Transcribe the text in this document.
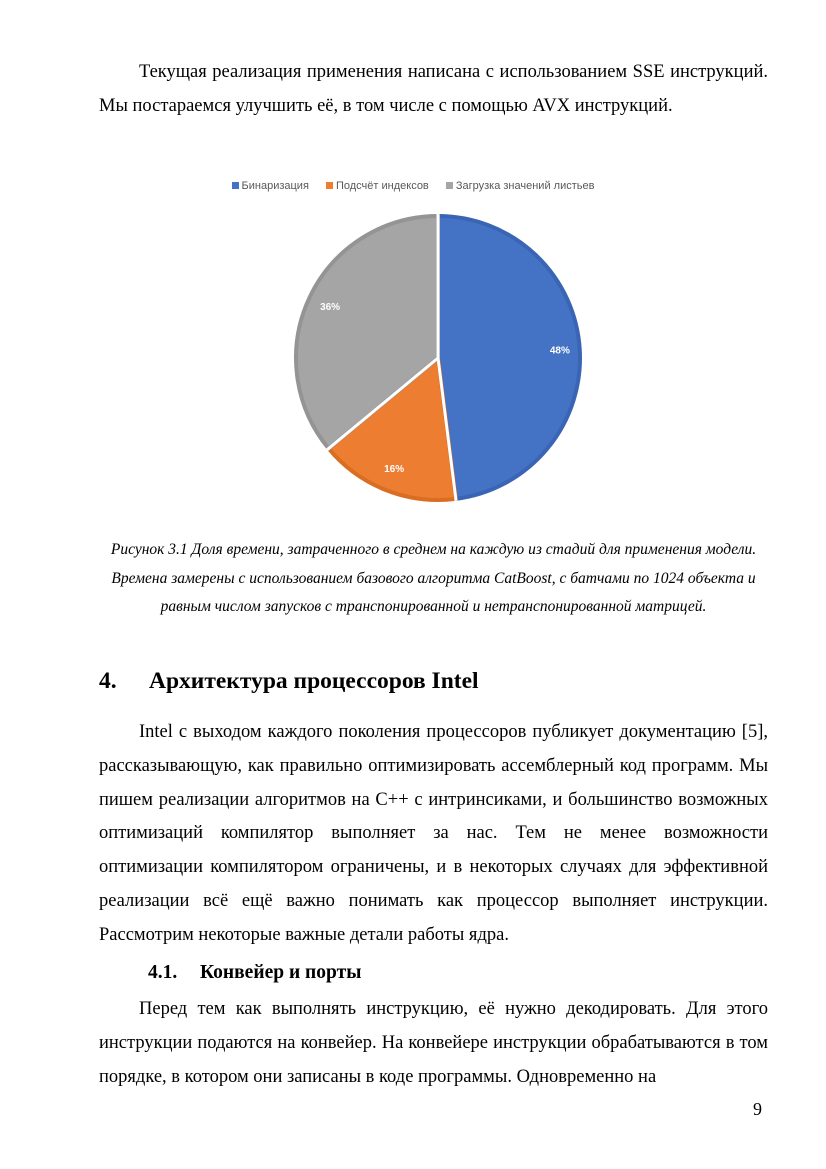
Текущая реализация применения написана с использованием SSE инструкций. Мы постараемся улучшить её, в том числе с помощью AVX инструкций.

Бинаризация Подсчёт индексов Загрузка значений листьев
48%
16%
36%
Рисунок 3.1 Доля времени, затраченного в среднем на каждую из стадий для применения модели. Времена замерены с использованием базового алгоритма CatBoost, с батчами по 1024 объекта и равным числом запусков с транспонированной и нетранспонированной матрицей.
4. Архитектура процессоров Intel

Intel с выходом каждого поколения процессоров публикует документацию [5], рассказывающую, как правильно оптимизировать ассемблерный код программ. Мы пишем реализации алгоритмов на C++ с интринсиками, и большинство возможных оптимизаций компилятор выполняет за нас. Тем не менее возможности оптимизации компилятором ограничены, и в некоторых случаях для эффективной реализации всё ещё важно понимать как процессор выполняет инструкции. Рассмотрим некоторые важные детали работы ядра.

4.1. Конвейер и порты

Перед тем как выполнять инструкцию, её нужно декодировать. Для этого инструкции подаются на конвейер. На конвейере инструкции обрабатываются в том порядке, в котором они записаны в коде программы. Одновременно на

9
